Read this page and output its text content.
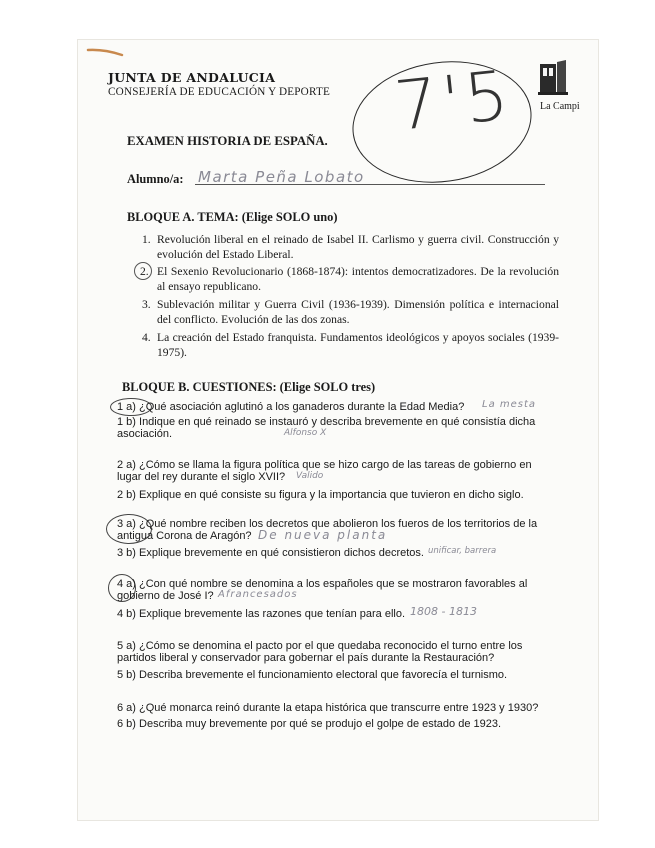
JUNTA DE ANDALUCIA
CONSEJERÍA DE EDUCACIÓN Y DEPORTE
La Campi
7'5
EXAMEN HISTORIA DE ESPAÑA.
Alumno/a: Marta Peña Lobato
BLOQUE A. TEMA: (Elige SOLO uno)
1. Revolución liberal en el reinado de Isabel II. Carlismo y guerra civil. Construcción y evolución del Estado Liberal.
2. El Sexenio Revolucionario (1868-1874): intentos democratizadores. De la revolución al ensayo republicano.
3. Sublevación militar y Guerra Civil (1936-1939). Dimensión política e internacional del conflicto. Evolución de las dos zonas.
4. La creación del Estado franquista. Fundamentos ideológicos y apoyos sociales (1939-1975).
BLOQUE B. CUESTIONES: (Elige SOLO tres)
1 a) ¿Qué asociación aglutinó a los ganaderos durante la Edad Media? La mesta
1 b) Indique en qué reinado se instauró y describa brevemente en qué consistía dicha asociación.	Alfonso X
2 a) ¿Cómo se llama la figura política que se hizo cargo de las tareas de gobierno en lugar del rey durante el siglo XVII?	Valido
2 b) Explique en qué consiste su figura y la importancia que tuvieron en dicho siglo.
3 a) ¿Qué nombre reciben los decretos que abolieron los fueros de los territorios de la antigua Corona de Aragón? De nueva planta
3 b) Explique brevemente en qué consistieron dichos decretos. unificar, barrera
4 a) ¿Con qué nombre se denomina a los españoles que se mostraron favorables al gobierno de José I? Afrancesados
4 b) Explique brevemente las razones que tenían para ello. 1808 - 1813
5 a) ¿Cómo se denomina el pacto por el que quedaba reconocido el turno entre los partidos liberal y conservador para gobernar el país durante la Restauración?
5 b) Describa brevemente el funcionamiento electoral que favorecía el turnismo.
6 a) ¿Qué monarca reinó durante la etapa histórica que transcurre entre 1923 y 1930?
6 b) Describa muy brevemente por qué se produjo el golpe de estado de 1923.
